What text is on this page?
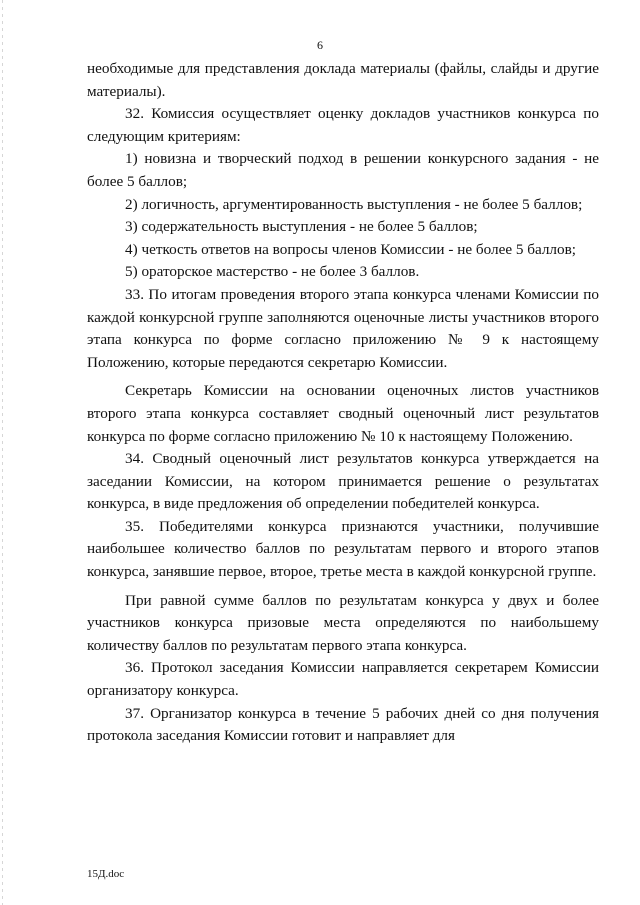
6

необходимые для представления доклада материалы (файлы, слайды и другие материалы).

32. Комиссия осуществляет оценку докладов участников конкурса по следующим критериям:

1) новизна и творческий подход в решении конкурсного задания - не более 5 баллов;

2) логичность, аргументированность выступления - не более 5 баллов;

3) содержательность выступления - не более 5 баллов;

4) четкость ответов на вопросы членов Комиссии - не более 5 баллов;

5) ораторское мастерство - не более 3 баллов.

33. По итогам проведения второго этапа конкурса членами Комиссии по каждой конкурсной группе заполняются оценочные листы участников второго этапа конкурса по форме согласно приложению № 9 к настоящему Положению, которые передаются секретарю Комиссии.

Секретарь Комиссии на основании оценочных листов участников второго этапа конкурса составляет сводный оценочный лист результатов конкурса по форме согласно приложению № 10 к настоящему Положению.

34. Сводный оценочный лист результатов конкурса утверждается на заседании Комиссии, на котором принимается решение о результатах конкурса, в виде предложения об определении победителей конкурса.

35. Победителями конкурса признаются участники, получившие наибольшее количество баллов по результатам первого и второго этапов конкурса, занявшие первое, второе, третье места в каждой конкурсной группе.

При равной сумме баллов по результатам конкурса у двух и более участников конкурса призовые места определяются по наибольшему количеству баллов по результатам первого этапа конкурса.

36. Протокол заседания Комиссии направляется секретарем Комиссии организатору конкурса.

37. Организатор конкурса в течение 5 рабочих дней со дня получения протокола заседания Комиссии готовит и направляет для

15Д.doc
